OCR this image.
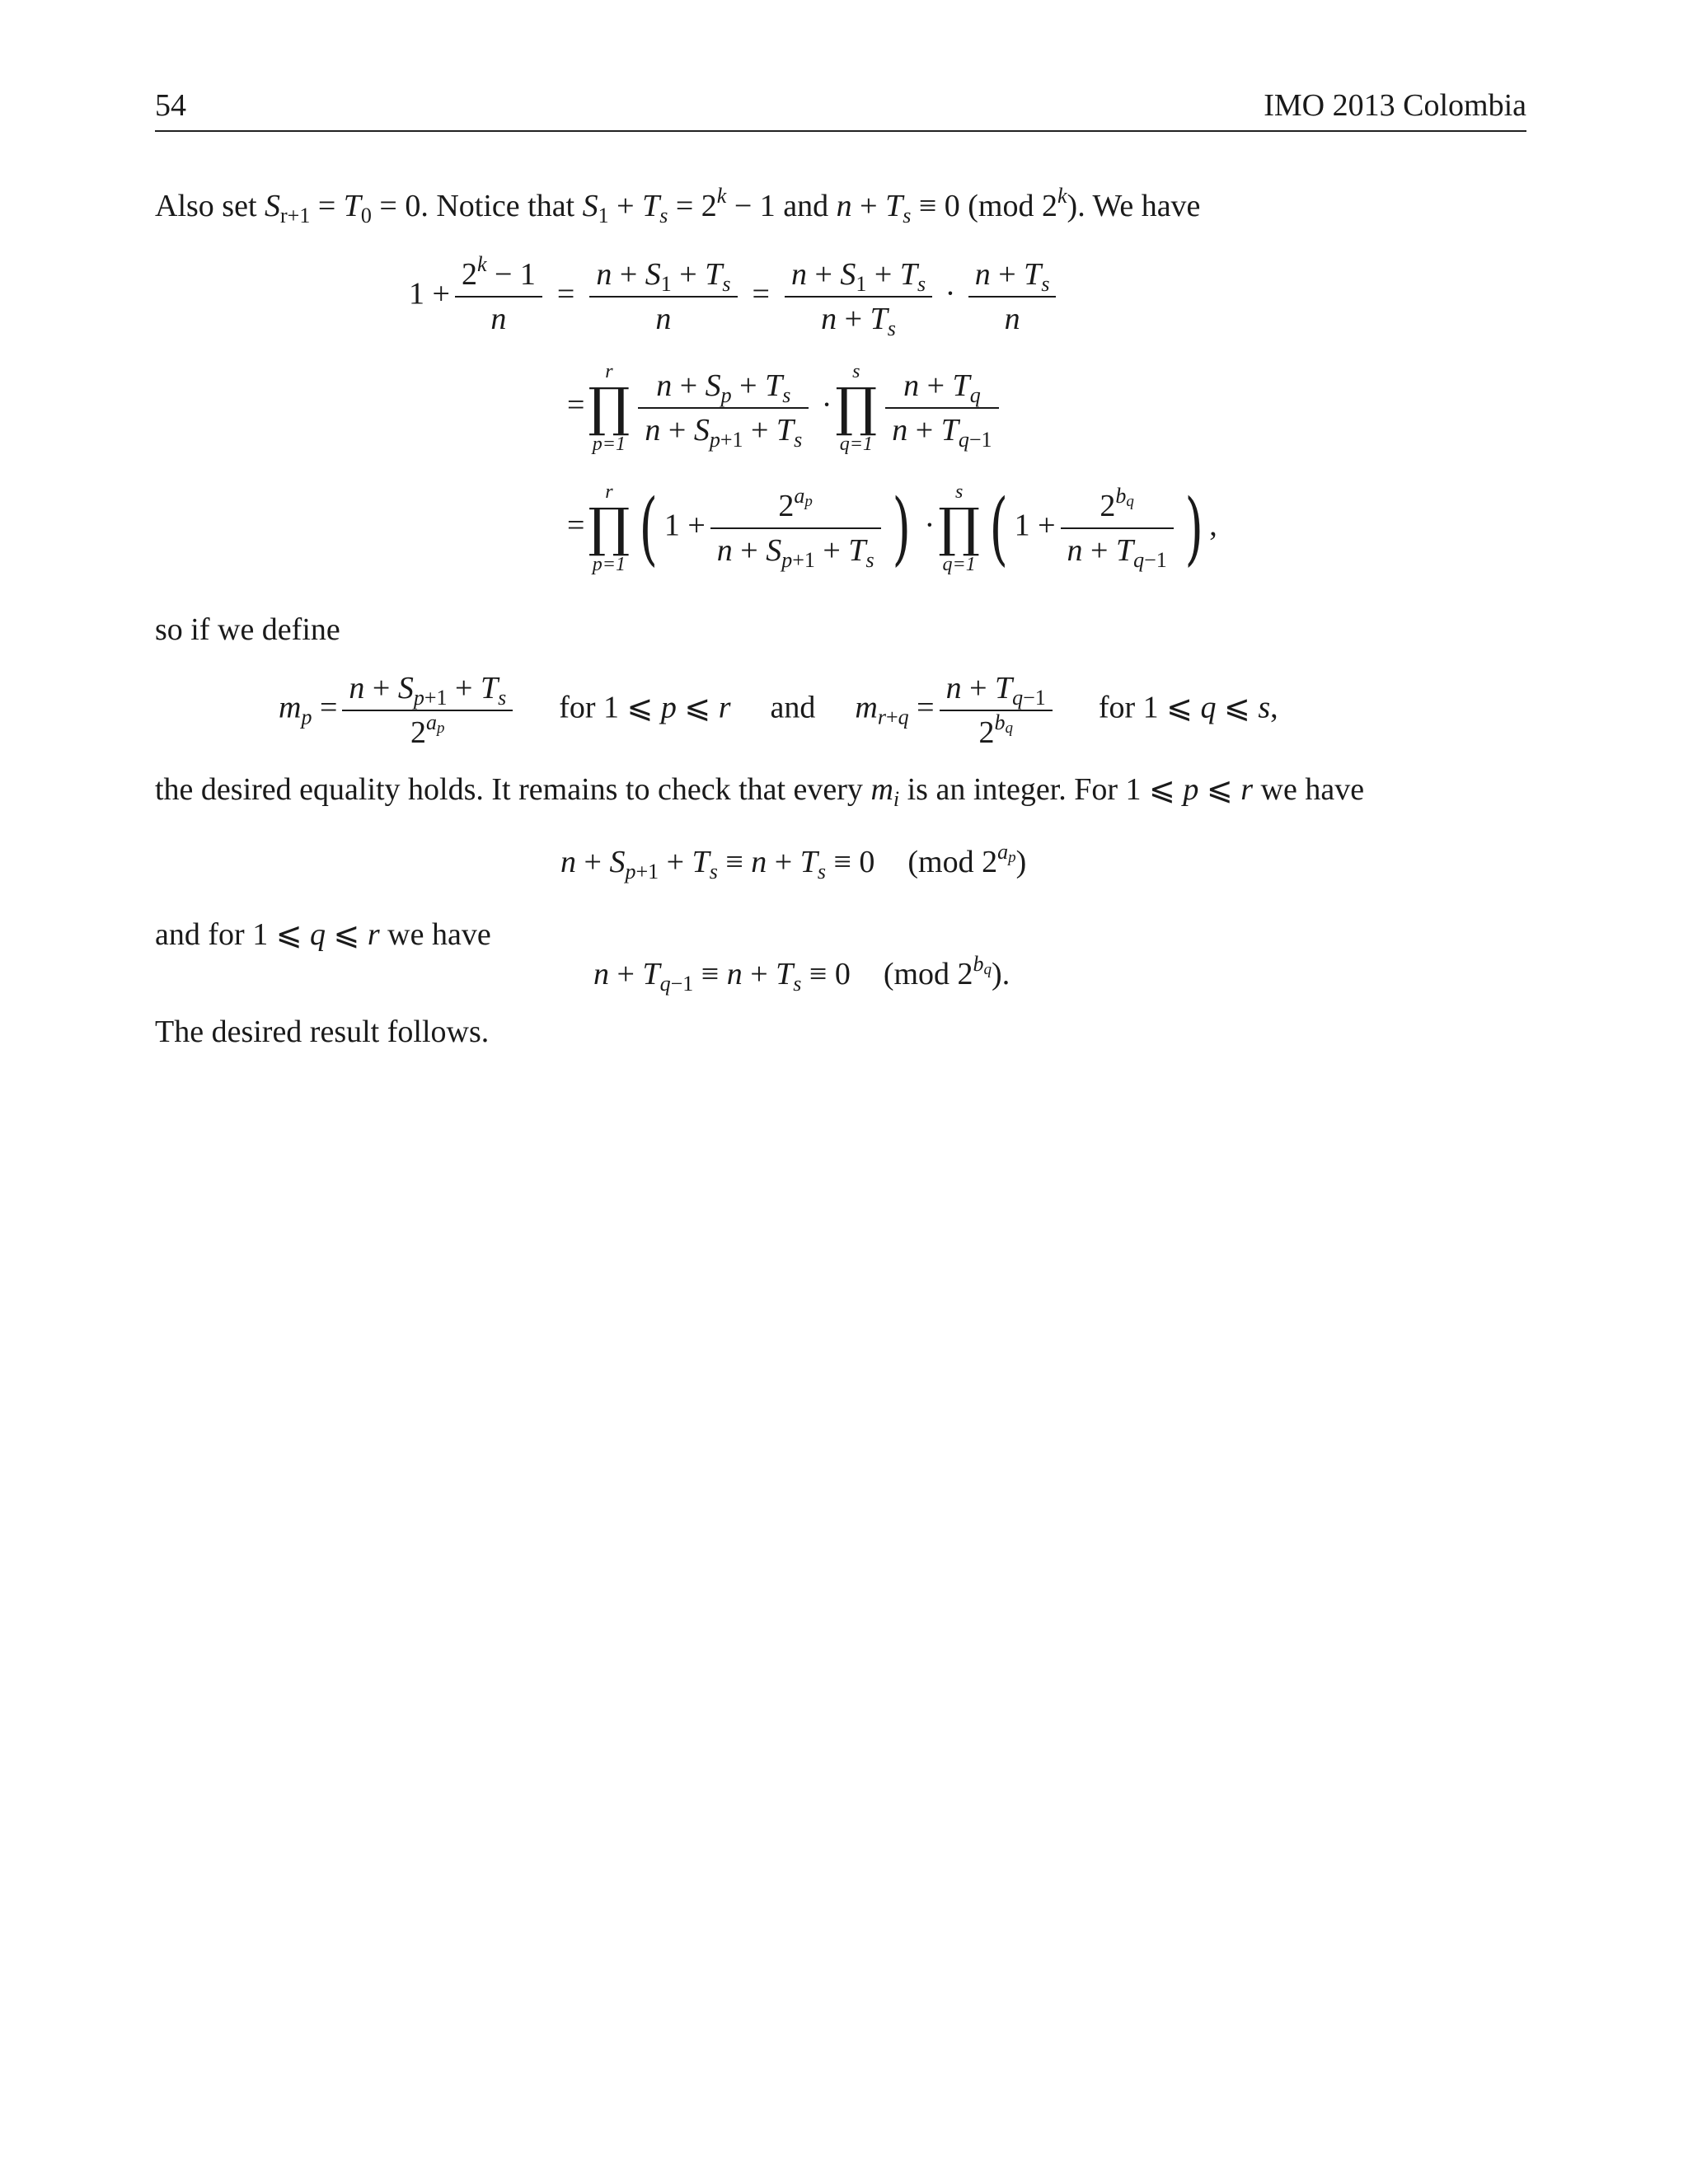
54	IMO 2013 Colombia
Also set $S_{r+1} = T_0 = 0$. Notice that $S_1 + T_s = 2^k - 1$ and $n + T_s \equiv 0$ (mod 2$^k$). We have
$1 + \frac{2^k - 1}{n} = \frac{n + S_1 + T_s}{n} = \frac{n + S_1 + T_s}{n + T_s} \cdot \frac{n + T_s}{n}$
=
r
∏
$p=1 \frac{n + S_p + T_s}{n + S_{p+1} + T_s}$ ·
s
∏
$q=1 \frac{n + T_q}{n + T_{q-1}}$
=
r
∏
p=1 ( $1 + \frac{2^{a_p}}{n + S_{p+1} + T_s}$ ) ·
s
∏
q=1 ( $1 + \frac{2^{b_q}}{n + T_{q-1}}$ ) ,
so if we define
$m_p = \frac{n + S_{p+1} + T_s}{2^{a_p}}$ for 1 ⩽ p ⩽ r and $m_{r+q} = \frac{n + T_{q-1}}{2^{b_q}}$ for 1 ⩽ q ⩽ s,
the desired equality holds. It remains to check that every $m_i$ is an integer. For 1 ⩽ p ⩽ r we have
$n + S_{p+1} + T_s \equiv n + T_s \equiv 0$ (mod $2^{a_p}$)
and for 1 ⩽ q ⩽ r we have
$n + T_{q-1} \equiv n + T_s \equiv 0$ (mod $2^{b_q}$).
The desired result follows.
